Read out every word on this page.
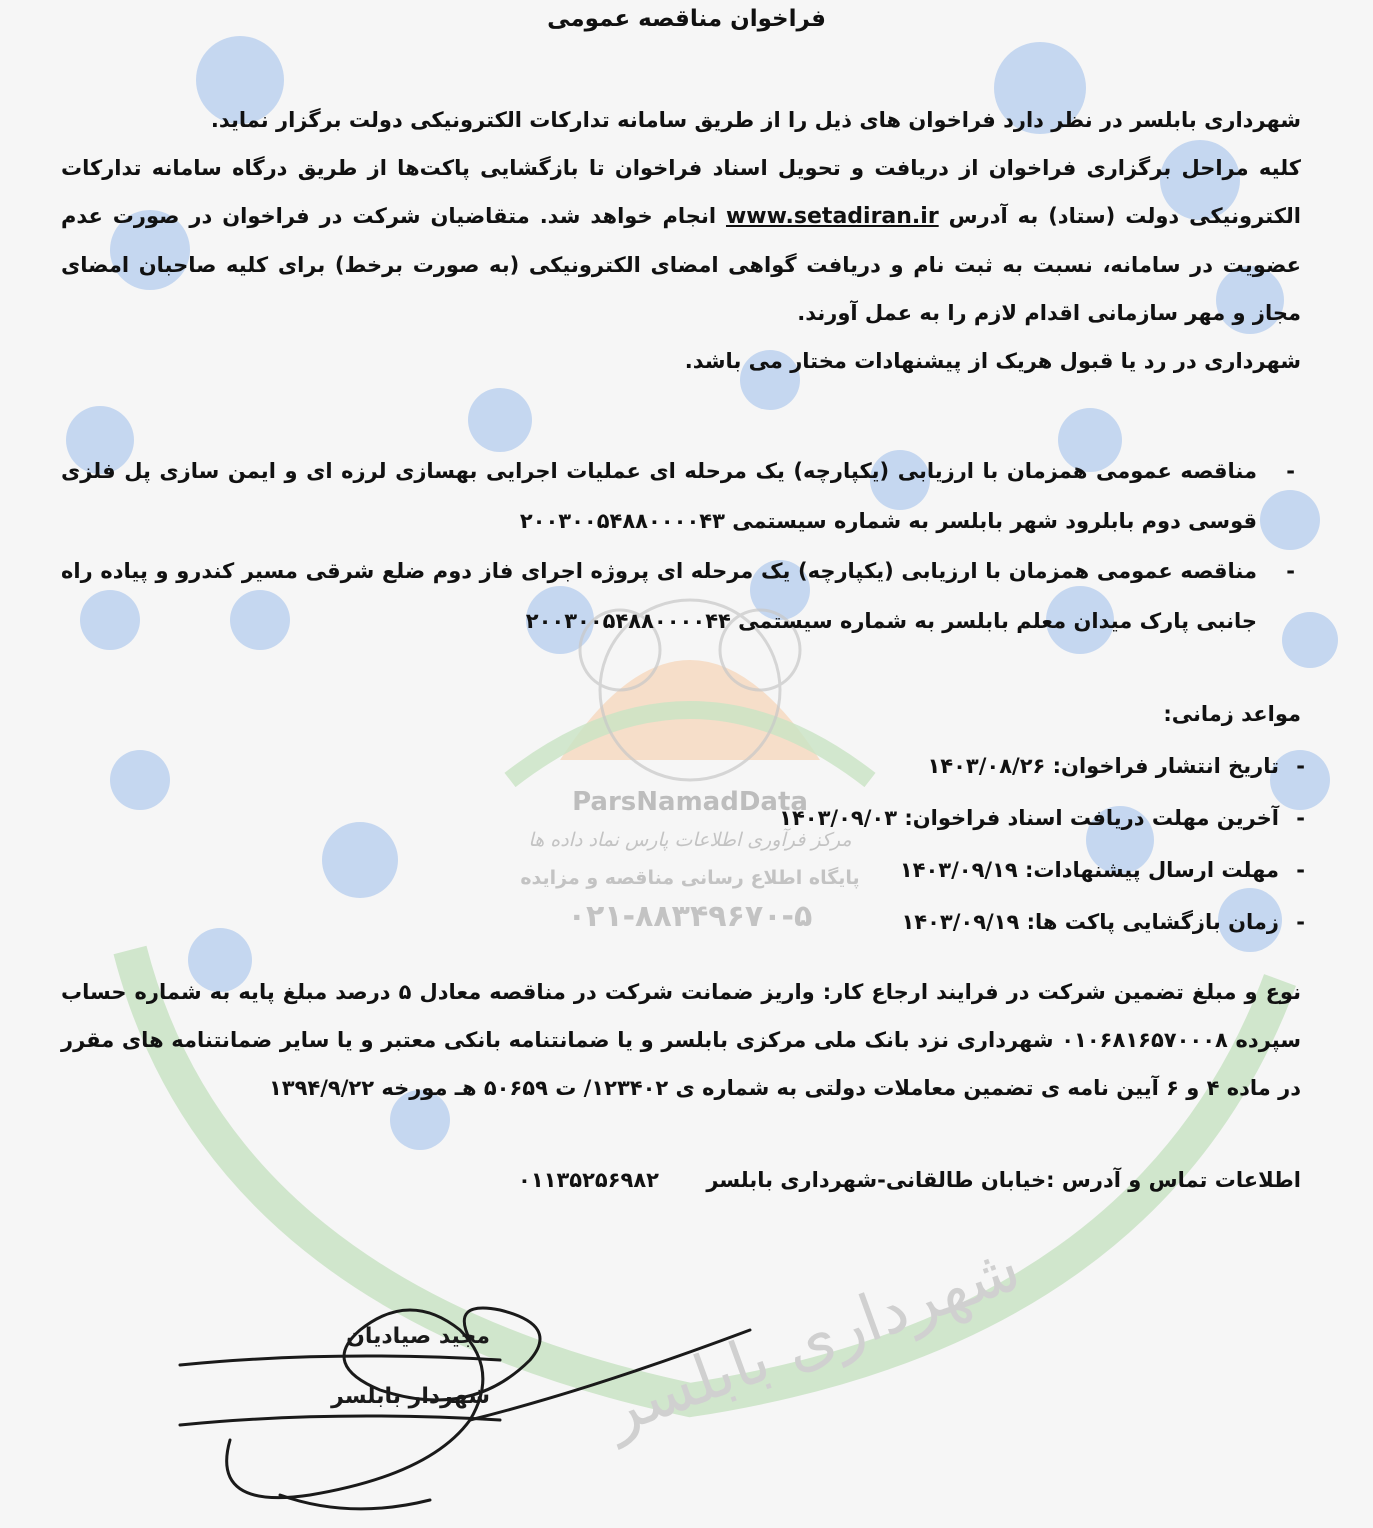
ParsNamadData
مرکز فرآوری اطلاعات پارس نماد داده ها
پایگاه اطلاع رسانی مناقصه و مزایده
۰۲۱-۸۸۳۴۹۶۷۰-۵
شهرداری بابلسر
فراخوان مناقصه عمومی
شهرداری بابلسر در نظر دارد فراخوان های ذیل را از طریق سامانه تدارکات الکترونیکی دولت برگزار نماید.
کلیه مراحل برگزاری فراخوان از دریافت و تحویل اسناد فراخوان تا بازگشایی پاکت‌ها از طریق درگاه سامانه تدارکات الکترونیکی دولت (ستاد) به آدرس www.setadiran.ir انجام خواهد شد. متقاضیان شرکت در فراخوان در صورت عدم عضویت در سامانه، نسبت به ثبت نام و دریافت گواهی امضای الکترونیکی (به صورت برخط) برای کلیه صاحبان امضای مجاز و مهر سازمانی اقدام لازم را به عمل آورند.
شهرداری در رد یا قبول هریک از پیشنهادات مختار می باشد.
-
مناقصه عمومی همزمان با ارزیابی (یکپارچه) یک مرحله ای عملیات اجرایی بهسازی لرزه ای و ایمن سازی پل فلزی قوسی دوم بابلرود شهر بابلسر به شماره سیستمی ۲۰۰۳۰۰۵۴۸۸۰۰۰۰۴۳
-
مناقصه عمومی همزمان با ارزیابی (یکپارچه) یک مرحله ای پروژه اجرای فاز دوم ضلع شرقی مسیر کندرو و پیاده راه جانبی پارک میدان معلم بابلسر به شماره سیستمی ۲۰۰۳۰۰۵۴۸۸۰۰۰۰۴۴
مواعد زمانی:
-
تاریخ انتشار فراخوان: ۱۴۰۳/۰۸/۲۶
-
آخرین مهلت دریافت اسناد فراخوان: ۱۴۰۳/۰۹/۰۳
-
مهلت ارسال پیشنهادات: ۱۴۰۳/۰۹/۱۹
-
زمان بازگشایی پاکت ها: ۱۴۰۳/۰۹/۱۹
نوع و مبلغ تضمین شرکت در فرایند ارجاع کار: واریز ضمانت شرکت در مناقصه معادل ۵ درصد مبلغ پایه به شماره حساب سپرده ۰۱۰۶۸۱۶۵۷۰۰۰۸ شهرداری نزد بانک ملی مرکزی بابلسر و یا ضمانتنامه بانکی معتبر و یا سایر ضمانتنامه های مقرر در ماده ۴ و ۶ آیین نامه ی تضمین معاملات دولتی به شماره ی ۱۲۳۴۰۲/ ت ۵۰۶۵۹ هـ مورخه ۱۳۹۴/۹/۲۲
اطلاعات تماس و آدرس :خیابان طالقانی-شهرداری بابلسر ۰۱۱۳۵۲۵۶۹۸۲
مجید صیادیان
شهردار بابلسر
